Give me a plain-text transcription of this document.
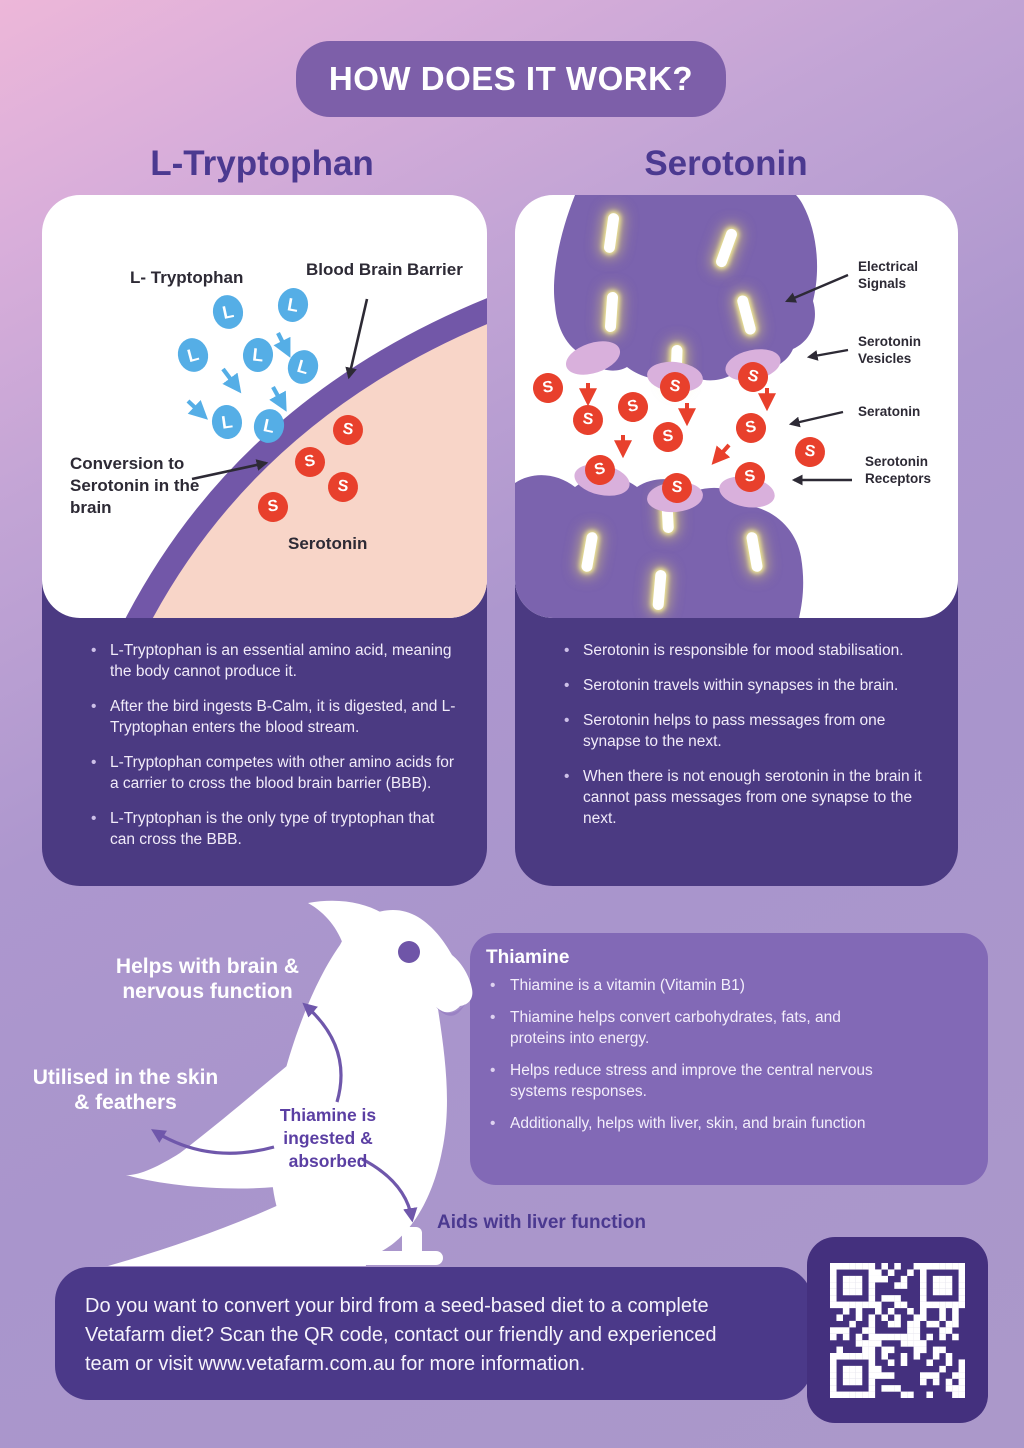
HOW DOES IT WORK?
L-Tryptophan	Serotonin
• L-Tryptophan is an essential amino acid, meaning the body cannot produce it.
• After the bird ingests B-Calm, it is digested, and L-Tryptophan enters the blood stream.
• L-Tryptophan competes with other amino acids for a carrier to cross the blood brain barrier (BBB).
• L-Tryptophan is the only type of tryptophan that can cross the BBB.
L	L
L	L
L
L	L	S
S
S
S
L- Tryptophan	Blood Brain Barrier
Conversion to Serotonin in the brain
Serotonin
• Serotonin is responsible for mood stabilisation.
• Serotonin travels within synapses in the brain.
• Serotonin helps to pass messages from one synapse to the next.
• When there is not enough serotonin in the brain it cannot pass messages from one synapse to the next.
S
S
S
S
S
S
S
S
S
S
S
Electrical Signals
Serotonin Vesicles
Seratonin
Serotonin Receptors
Thiamine
• Thiamine is a vitamin (Vitamin B1)
• Thiamine helps convert carbohydrates, fats, and proteins into energy.
• Helps reduce stress and improve the central nervous systems responses.
• Additionally, helps with liver, skin, and brain function
Helps with brain & nervous function
Utilised in the skin & feathers
Thiamine is ingested & absorbed
Aids with liver function

Do you want to convert your bird from a seed-based diet to a complete Vetafarm diet? Scan the QR code, contact our friendly and experienced team or visit www.vetafarm.com.au for more information.
